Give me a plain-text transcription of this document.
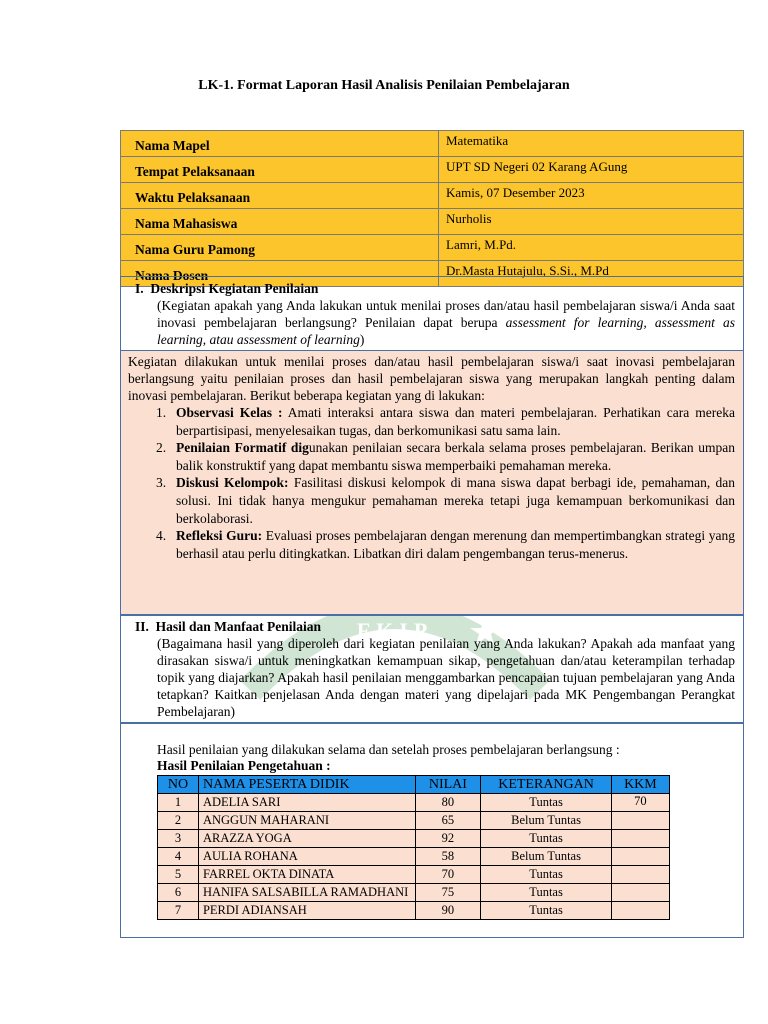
LK-1. Format Laporan Hasil Analisis Penilaian Pembelajaran
Nama Mapel	Matematika
Tempat Pelaksanaan	UPT SD Negeri 02 Karang AGung
Waktu Pelaksanaan	Kamis, 07 Desember 2023
Nama Mahasiswa	Nurholis
Nama Guru Pamong	Lamri, M.Pd.
Nama Dosen	Dr.Masta Hutajulu, S.Si., M.Pd
FKIP
I. Deskripsi Kegiatan Penilaian
(Kegiatan apakah yang Anda lakukan untuk menilai proses dan/atau hasil pembelajaran siswa/i Anda saat inovasi pembelajaran berlangsung? Penilaian dapat berupa assessment for learning, assessment as learning, atau assessment of learning)
Kegiatan dilakukan untuk menilai proses dan/atau hasil pembelajaran siswa/i saat inovasi pembelajaran berlangsung yaitu penilaian proses dan hasil pembelajaran siswa yang merupakan langkah penting dalam inovasi pembelajaran. Berikut beberapa kegiatan yang di lakukan:
1. Observasi Kelas : Amati interaksi antara siswa dan materi pembelajaran. Perhatikan cara mereka berpartisipasi, menyelesaikan tugas, dan berkomunikasi satu sama lain.
2. Penilaian Formatif digunakan penilaian secara berkala selama proses pembelajaran. Berikan umpan balik konstruktif yang dapat membantu siswa memperbaiki pemahaman mereka.
3. Diskusi Kelompok: Fasilitasi diskusi kelompok di mana siswa dapat berbagi ide, pemahaman, dan solusi. Ini tidak hanya mengukur pemahaman mereka tetapi juga kemampuan berkomunikasi dan berkolaborasi.
4. Refleksi Guru: Evaluasi proses pembelajaran dengan merenung dan mempertimbangkan strategi yang berhasil atau perlu ditingkatkan. Libatkan diri dalam pengembangan terus-menerus.
II. Hasil dan Manfaat Penilaian
(Bagaimana hasil yang diperoleh dari kegiatan penilaian yang Anda lakukan? Apakah ada manfaat yang dirasakan siswa/i untuk meningkatkan kemampuan sikap, pengetahuan dan/atau keterampilan terhadap topik yang diajarkan? Apakah hasil penilaian menggambarkan pencapaian tujuan pembelajaran yang Anda tetapkan? Kaitkan penjelasan Anda dengan materi yang dipelajari pada MK Pengembangan Perangkat Pembelajaran)
Hasil penilaian yang dilakukan selama dan setelah proses pembelajaran berlangsung :
Hasil Penilaian Pengetahuan :
NO	NAMA PESERTA DIDIK	NILAI	KETERANGAN	KKM
1	ADELIA SARI	80	Tuntas	70
2	ANGGUN MAHARANI	65	Belum Tuntas	
3	ARAZZA YOGA	92	Tuntas	
4	AULIA ROHANA	58	Belum Tuntas	
5	FARREL OKTA DINATA	70	Tuntas	
6	HANIFA SALSABILLA RAMADHANI	75	Tuntas	
7	PERDI ADIANSAH	90	Tuntas	
